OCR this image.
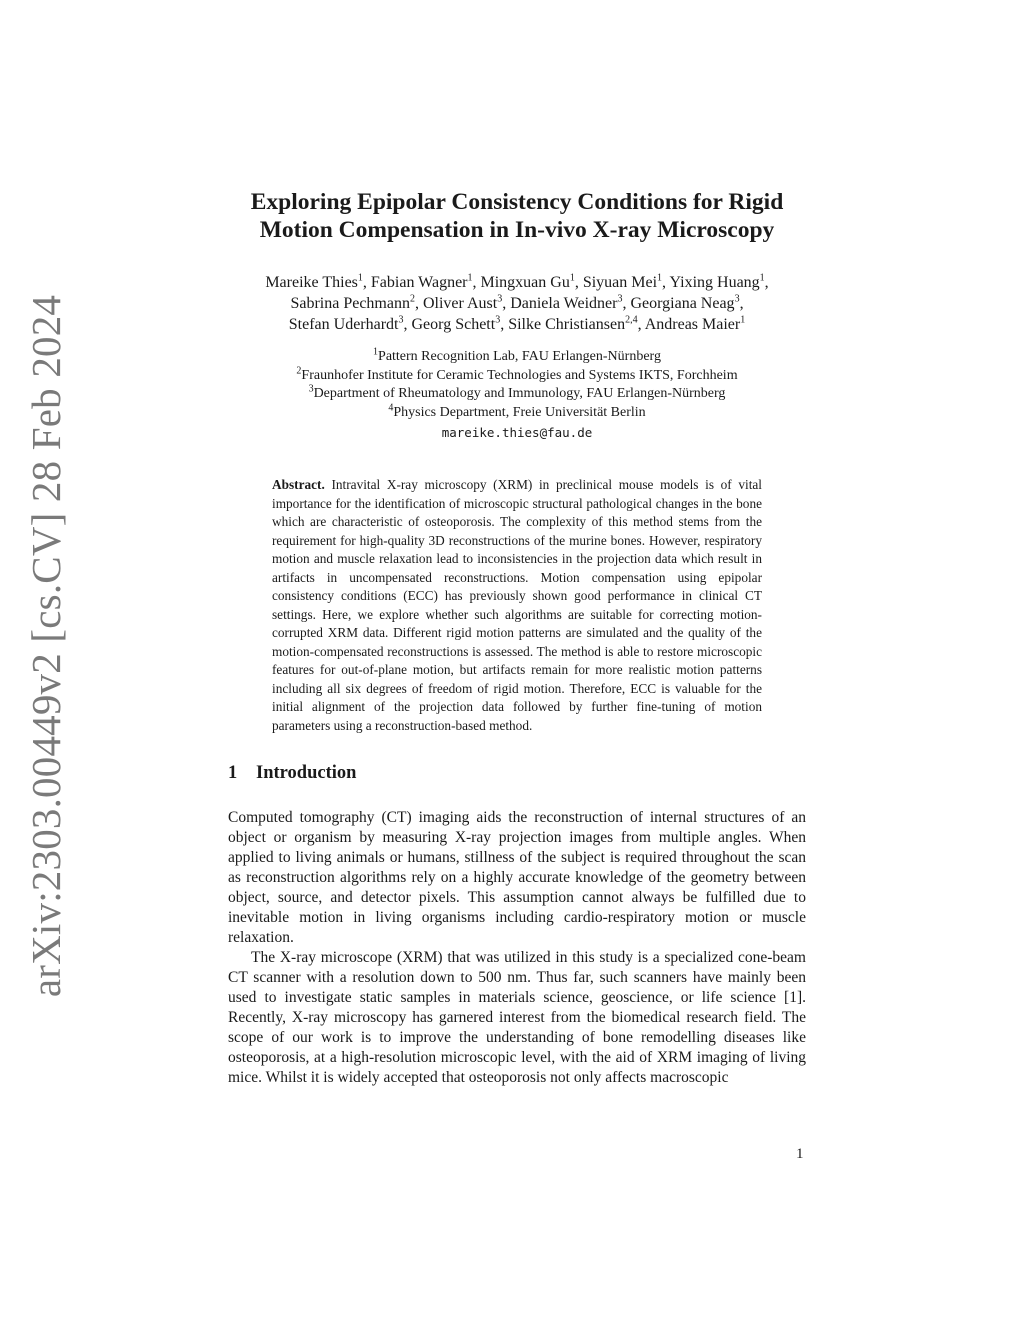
arXiv:2303.00449v2 [cs.CV] 28 Feb 2024
Exploring Epipolar Consistency Conditions for Rigid
Motion Compensation in In-vivo X-ray Microscopy
Mareike Thies$^1$, Fabian Wagner$^1$, Mingxuan Gu$^1$, Siyuan Mei$^1$, Yixing Huang$^1$,
Sabrina Pechmann$^2$, Oliver Aust$^3$, Daniela Weidner$^3$, Georgiana Neag$^3$,
Stefan Uderhardt$^3$, Georg Schett$^3$, Silke Christiansen$^{2,4}$, Andreas Maier$^1$
$^1$Pattern Recognition Lab, FAU Erlangen-Nürnberg
$^2$Fraunhofer Institute for Ceramic Technologies and Systems IKTS, Forchheim
$^3$Department of Rheumatology and Immunology, FAU Erlangen-Nürnberg
$^4$Physics Department, Freie Universität Berlin
mareike.thies@fau.de
Abstract. Intravital X-ray microscopy (XRM) in preclinical mouse models is of vital importance for the identification of microscopic structural pathological changes in the bone which are characteristic of osteoporosis. The complexity of this method stems from the requirement for high-quality 3D reconstructions of the murine bones. However, respiratory motion and muscle relaxation lead to inconsistencies in the projection data which result in artifacts in uncompensated reconstructions. Motion compensation using epipolar consistency conditions (ECC) has previously shown good performance in clinical CT settings. Here, we explore whether such algorithms are suitable for correcting motion-corrupted XRM data. Different rigid motion patterns are simulated and the quality of the motion-compensated reconstructions is assessed. The method is able to restore microscopic features for out-of-plane motion, but artifacts remain for more realistic motion patterns including all six degrees of freedom of rigid motion. Therefore, ECC is valuable for the initial alignment of the projection data followed by further fine-tuning of motion parameters using a reconstruction-based method.
1 Introduction

Computed tomography (CT) imaging aids the reconstruction of internal structures of an object or organism by measuring X-ray projection images from multiple angles. When applied to living animals or humans, stillness of the subject is required throughout the scan as reconstruction algorithms rely on a highly accurate knowledge of the geometry between object, source, and detector pixels. This assumption cannot always be fulfilled due to inevitable motion in living organisms including cardio-respiratory motion or muscle relaxation.

The X-ray microscope (XRM) that was utilized in this study is a specialized cone-beam CT scanner with a resolution down to 500 nm. Thus far, such scanners have mainly been used to investigate static samples in materials science, geoscience, or life science [1]. Recently, X-ray microscopy has garnered interest from the biomedical research field. The scope of our work is to improve the understanding of bone remodelling diseases like osteoporosis, at a high-resolution microscopic level, with the aid of XRM imaging of living mice. Whilst it is widely accepted that osteoporosis not only affects macroscopic

1
